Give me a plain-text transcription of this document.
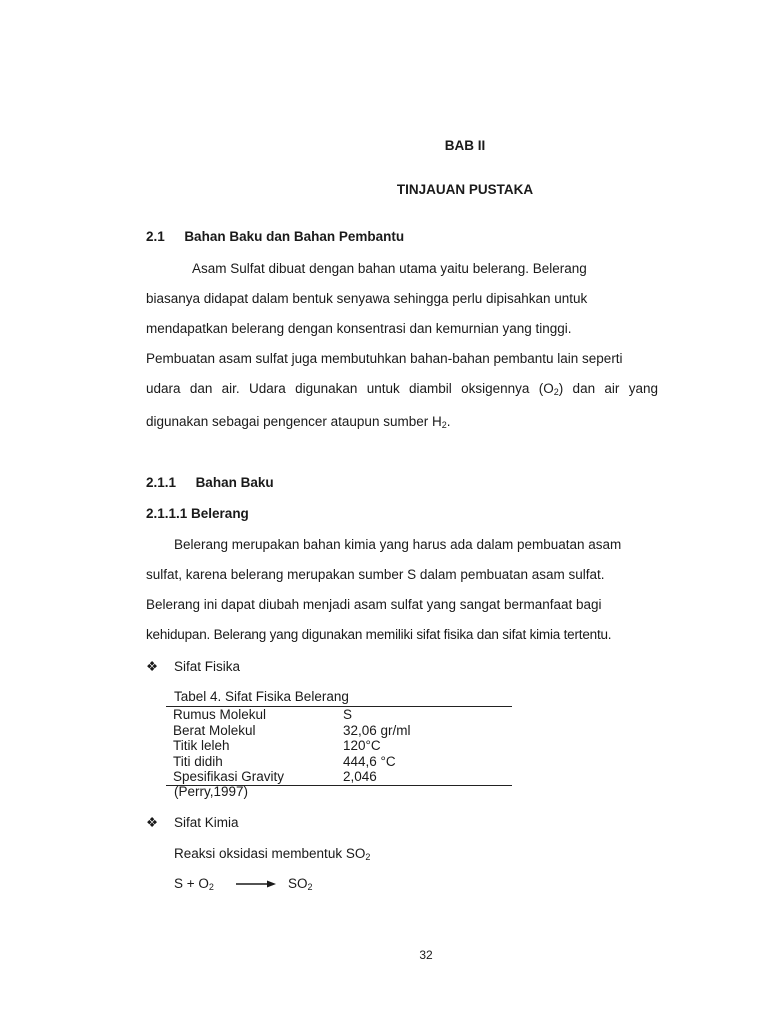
BAB II
TINJAUAN PUSTAKA
2.1 Bahan Baku dan Bahan Pembantu
Asam Sulfat dibuat dengan bahan utama yaitu belerang. Belerang
biasanya didapat dalam bentuk senyawa sehingga perlu dipisahkan untuk
mendapatkan belerang dengan konsentrasi dan kemurnian yang tinggi.
Pembuatan asam sulfat juga membutuhkan bahan-bahan pembantu lain seperti
udara dan air. Udara digunakan untuk diambil oksigennya $(O_2)$ dan air yang
digunakan sebagai pengencer ataupun sumber $H_2$.
2.1.1 Bahan Baku
2.1.1.1 Belerang
Belerang merupakan bahan kimia yang harus ada dalam pembuatan asam
sulfat, karena belerang merupakan sumber S dalam pembuatan asam sulfat.
Belerang ini dapat diubah menjadi asam sulfat yang sangat bermanfaat bagi
kehidupan. Belerang yang digunakan memiliki sifat fisika dan sifat kimia tertentu.
❖ Sifat Fisika
Tabel 4. Sifat Fisika Belerang
Rumus Molekul	S
Berat Molekul	32,06 gr/ml
Titik leleh	120°C
Titi didih	444,6 °C
Spesifikasi Gravity	2,046
(Perry,1997)
❖ Sifat Kimia
Reaksi oksidasi membentuk $SO_2$
$S + O_2$	→ $SO_2$
32
